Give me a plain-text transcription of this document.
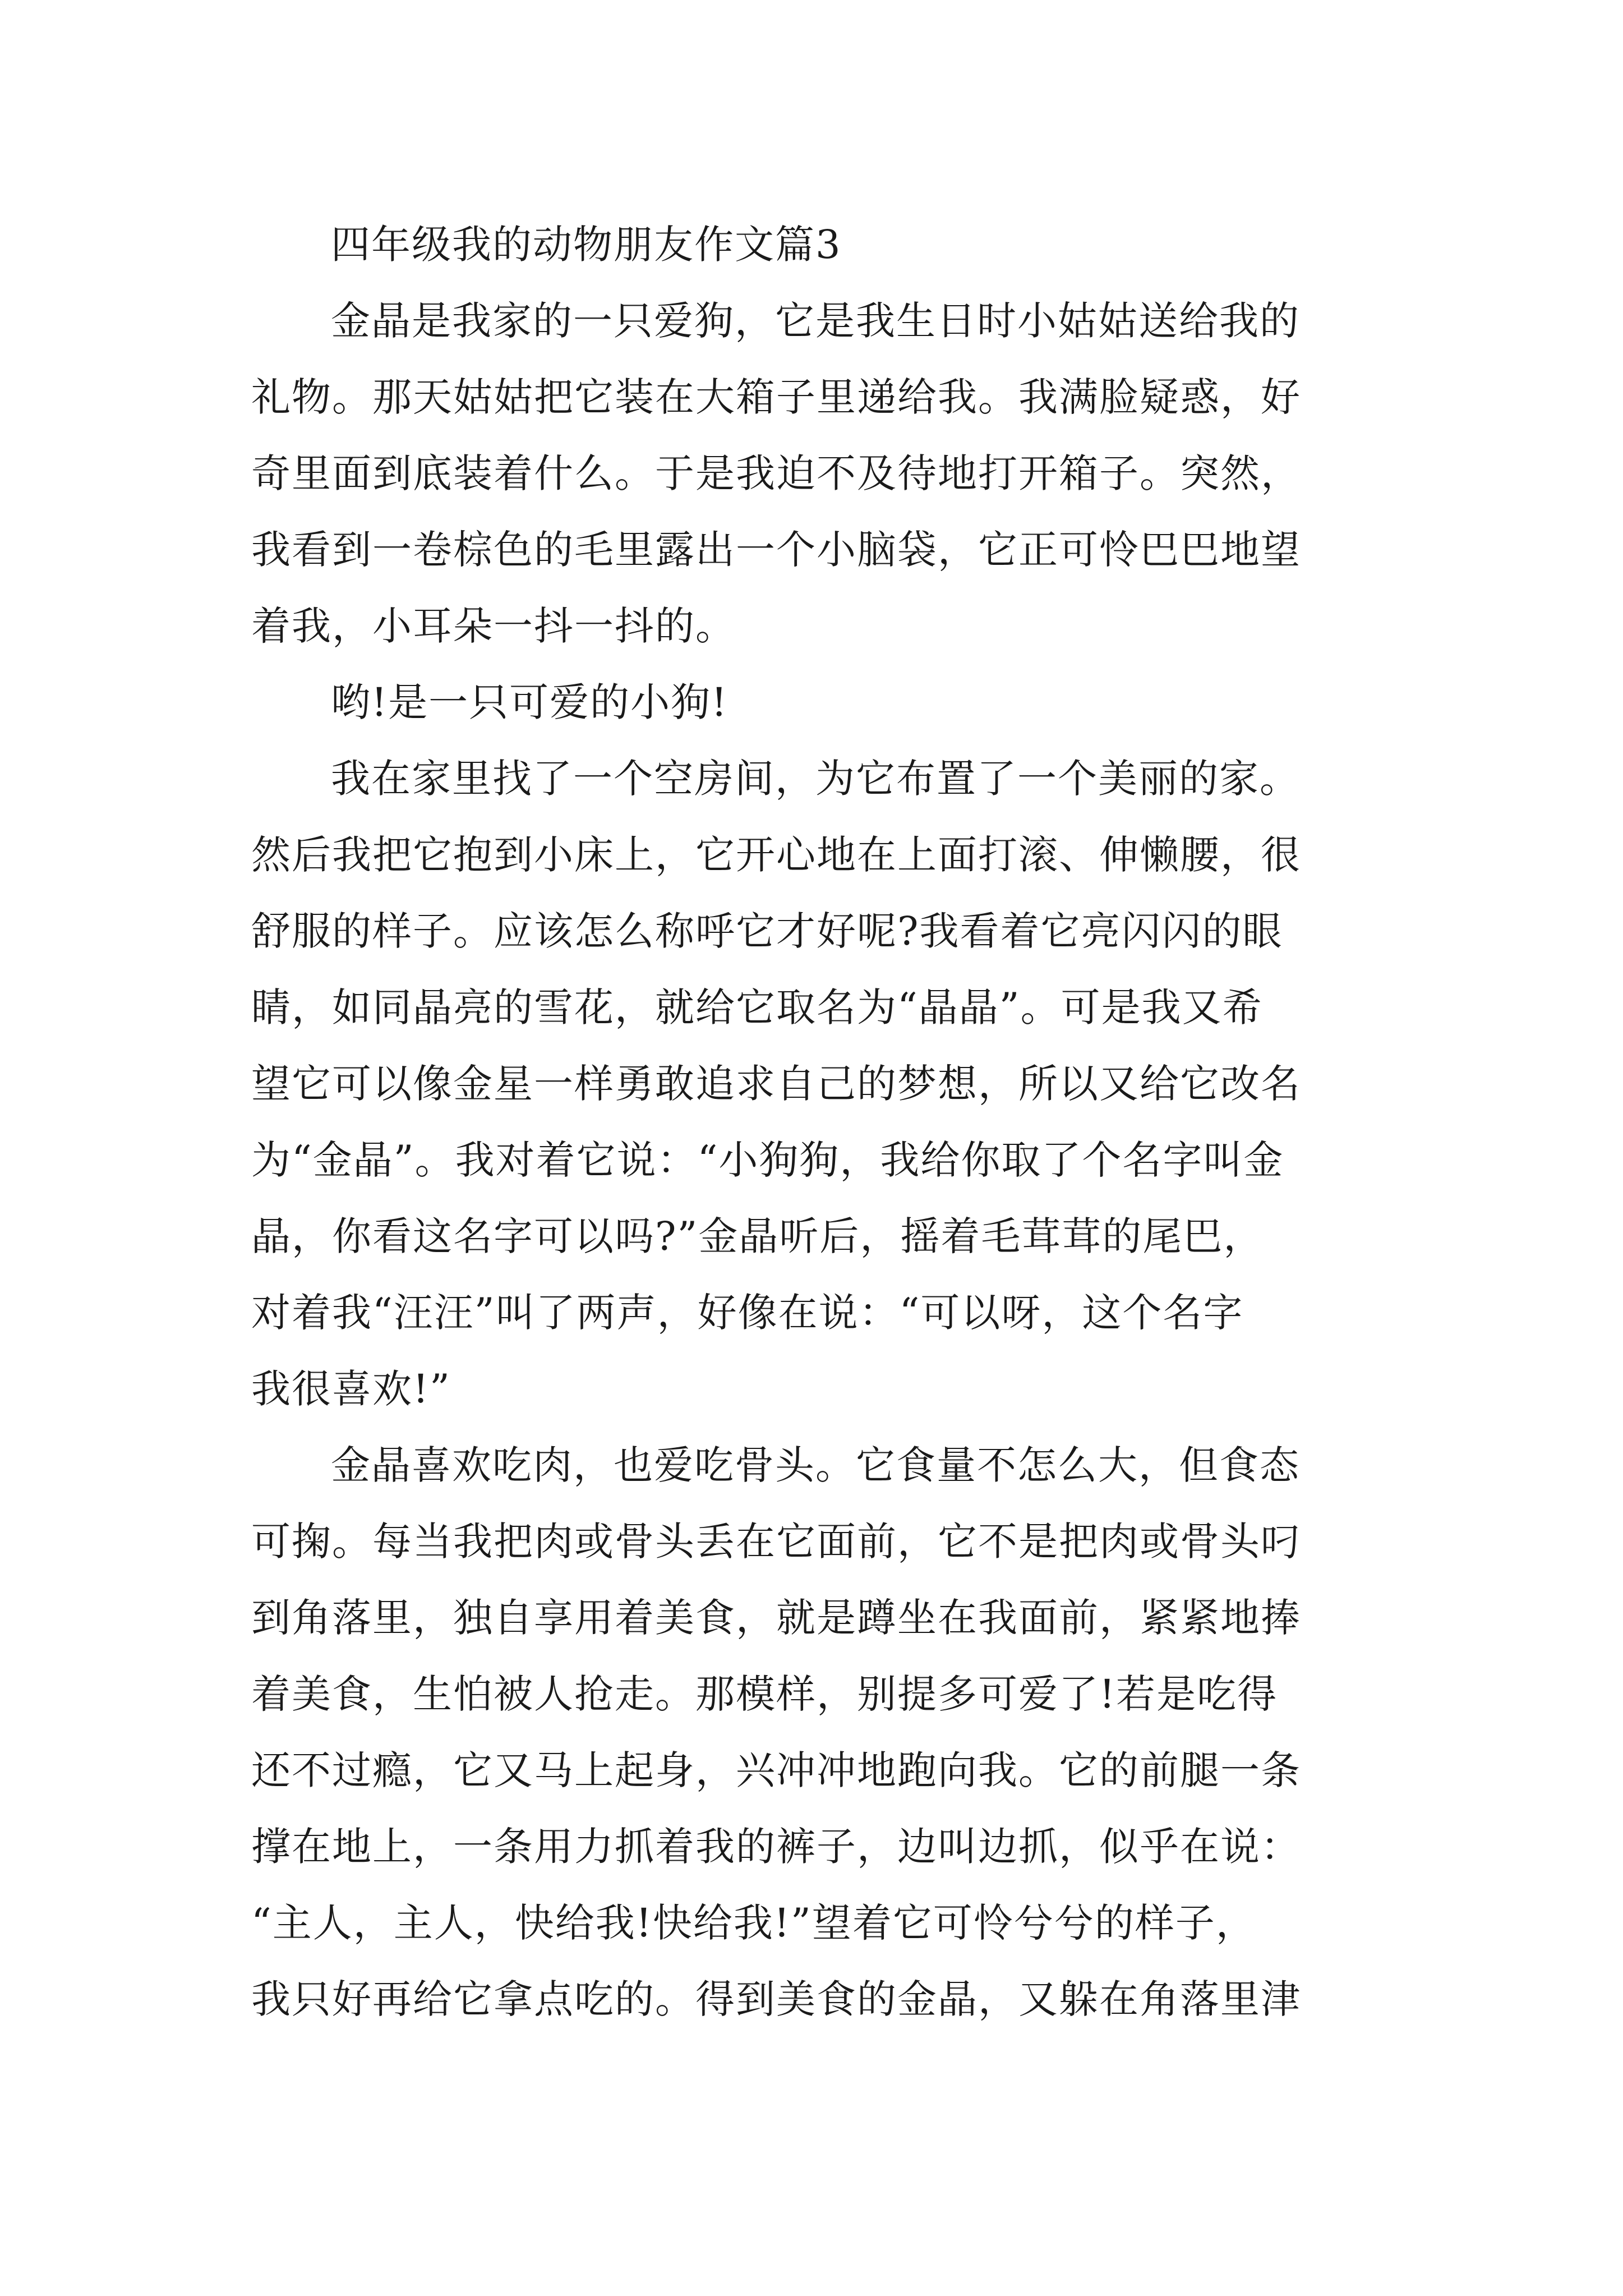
四年级我的动物朋友作文篇3
金晶是我家的一只爱狗，它是我生日时小姑姑送给我的
礼物。那天姑姑把它装在大箱子里递给我。我满脸疑惑，好
奇里面到底装着什么。于是我迫不及待地打开箱子。突然，
我看到一卷棕色的毛里露出一个小脑袋，它正可怜巴巴地望
着我，小耳朵一抖一抖的。
哟!是一只可爱的小狗!
我在家里找了一个空房间，为它布置了一个美丽的家。
然后我把它抱到小床上，它开心地在上面打滚、伸懒腰，很
舒服的样子。应该怎么称呼它才好呢?我看着它亮闪闪的眼
睛，如同晶亮的雪花，就给它取名为“晶晶”。可是我又希
望它可以像金星一样勇敢追求自己的梦想，所以又给它改名
为“金晶”。我对着它说：“小狗狗，我给你取了个名字叫金
晶，你看这名字可以吗?”金晶听后，摇着毛茸茸的尾巴，
对着我“汪汪”叫了两声，好像在说：“可以呀，这个名字
我很喜欢!”
金晶喜欢吃肉，也爱吃骨头。它食量不怎么大，但食态
可掬。每当我把肉或骨头丢在它面前，它不是把肉或骨头叼
到角落里，独自享用着美食，就是蹲坐在我面前，紧紧地捧
着美食，生怕被人抢走。那模样，别提多可爱了!若是吃得
还不过瘾，它又马上起身，兴冲冲地跑向我。它的前腿一条
撑在地上，一条用力抓着我的裤子，边叫边抓，似乎在说：
“主人，主人，快给我!快给我!”望着它可怜兮兮的样子，
我只好再给它拿点吃的。得到美食的金晶，又躲在角落里津
